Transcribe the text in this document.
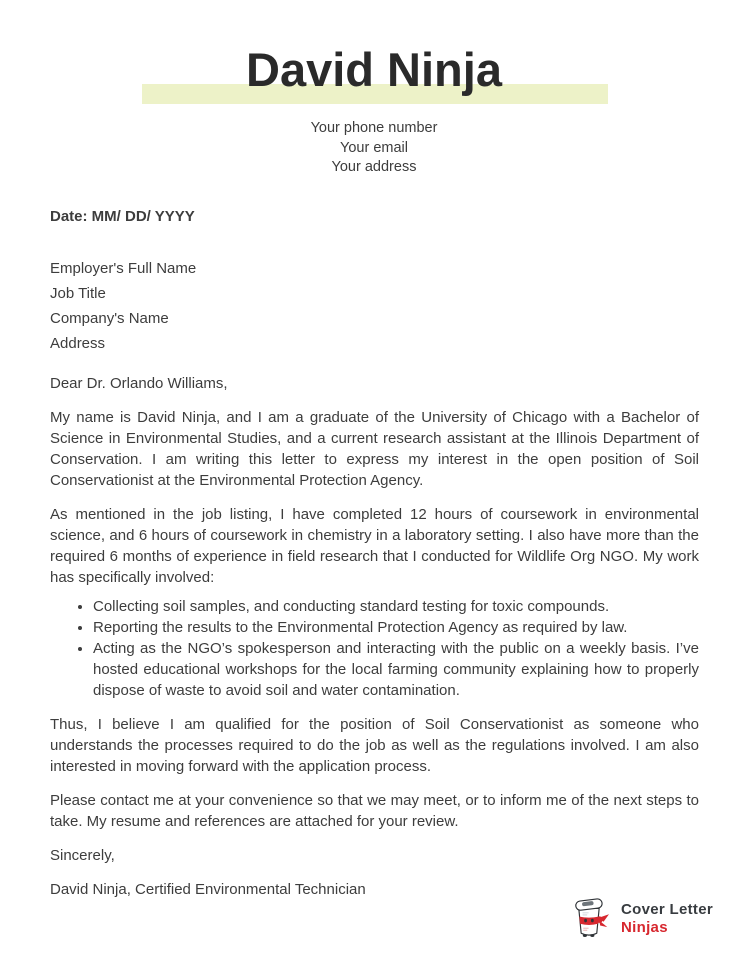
David Ninja
Your phone number
Your email
Your address

Date: MM/ DD/ YYYY

Employer's Full Name
Job Title
Company's Name
Address
Dear Dr. Orlando Williams,

My name is David Ninja, and I am a graduate of the University of Chicago with a Bachelor of Science in Environmental Studies, and a current research assistant at the Illinois Department of Conservation. I am writing this letter to express my interest in the open position of Soil Conservationist at the Environmental Protection Agency.

As mentioned in the job listing, I have completed 12 hours of coursework in environmental science, and 6 hours of coursework in chemistry in a laboratory setting. I also have more than the required 6 months of experience in field research that I conducted for Wildlife Org NGO. My work has specifically involved:

• Collecting soil samples, and conducting standard testing for toxic compounds.
• Reporting the results to the Environmental Protection Agency as required by law.
• Acting as the NGO’s spokesperson and interacting with the public on a weekly basis. I’ve hosted educational workshops for the local farming community explaining how to properly dispose of waste to avoid soil and water contamination.

Thus, I believe I am qualified for the position of Soil Conservationist as someone who understands the processes required to do the job as well as the regulations involved. I am also interested in moving forward with the application process.

Please contact me at your convenience so that we may meet, or to inform me of the next steps to take. My resume and references are attached for your review.

Sincerely,
David Ninja, Certified Environmental Technician
Cover Letter
Ninjas
